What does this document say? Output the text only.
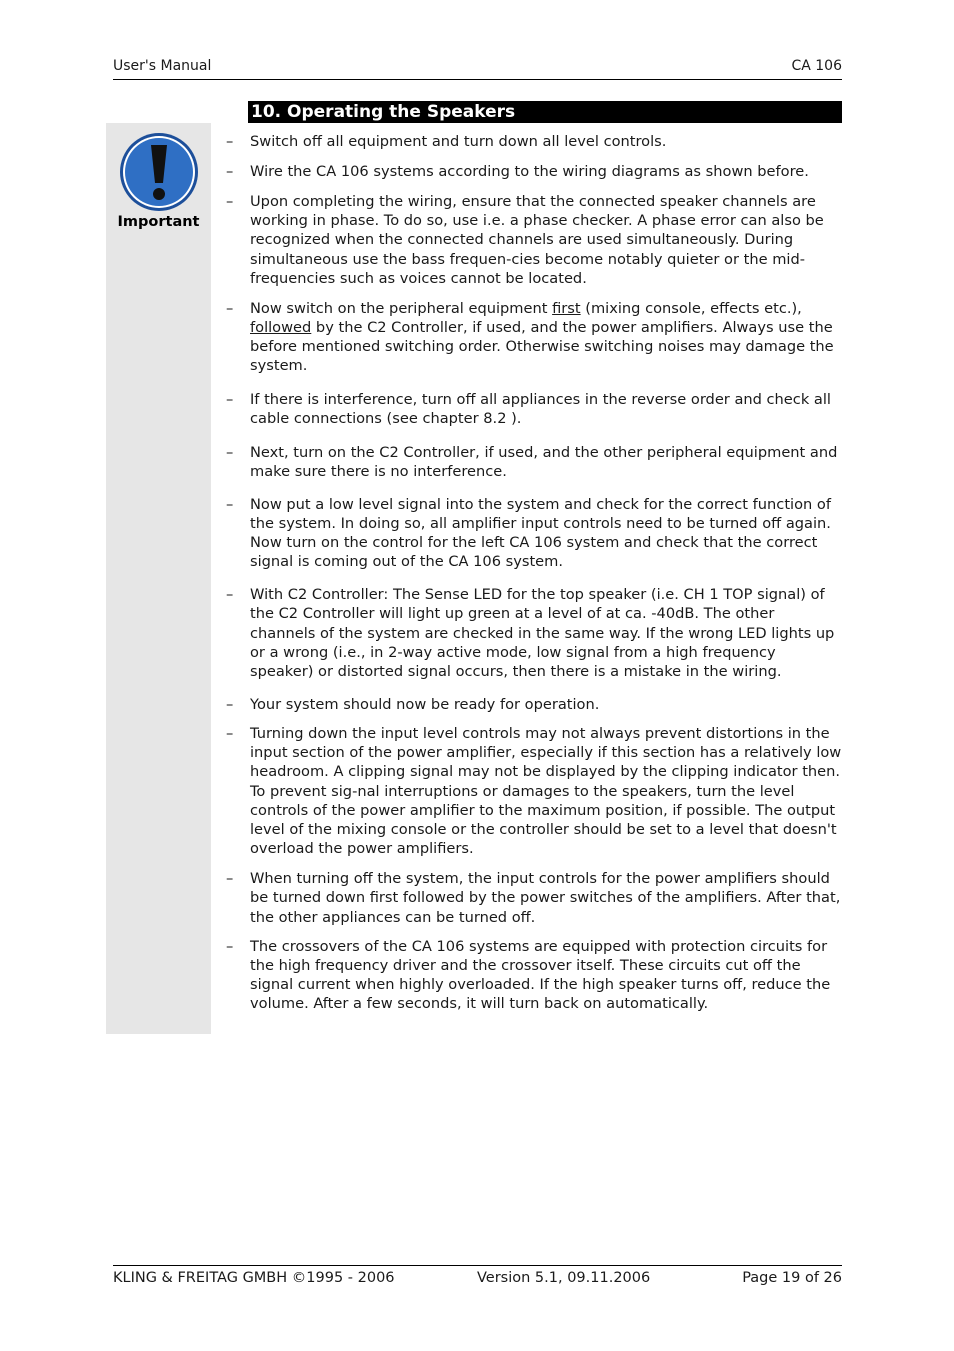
User's Manual	CA 106
10. Operating the Speakers
Important
– Switch off all equipment and turn down all level controls.
– Wire the CA 106 systems according to the wiring diagrams as shown before.
– Upon completing the wiring, ensure that the connected speaker channels are working in phase. To do so, use i.e. a phase checker. A phase error can also be recognized when the connected channels are used simultaneously. During simultaneous use the bass frequen-cies become notably quieter or the mid-frequencies such as voices cannot be located.
– Now switch on the peripheral equipment first (mixing console, effects etc.), followed by the C2 Controller, if used, and the power amplifiers. Always use the before mentioned switching order. Otherwise switching noises may damage the system.
– If there is interference, turn off all appliances in the reverse order and check all cable connections (see chapter 8.2 ).
– Next, turn on the C2 Controller, if used, and the other peripheral equipment and make sure there is no interference.
– Now put a low level signal into the system and check for the correct function of the system. In doing so, all amplifier input controls need to be turned off again. Now turn on the control for the left CA 106 system and check that the correct signal is coming out of the CA 106 system.
– With C2 Controller: The Sense LED for the top speaker (i.e. CH 1 TOP signal) of the C2 Controller will light up green at a level of at ca. -40dB. The other channels of the system are checked in the same way. If the wrong LED lights up or a wrong (i.e., in 2-way active mode, low signal from a high frequency speaker) or distorted signal occurs, then there is a mistake in the wiring.
– Your system should now be ready for operation.
– Turning down the input level controls may not always prevent distortions in the input section of the power amplifier, especially if this section has a relatively low headroom. A clipping signal may not be displayed by the clipping indicator then. To prevent sig-nal interruptions or damages to the speakers, turn the level controls of the power amplifier to the maximum position, if possible. The output level of the mixing console or the controller should be set to a level that doesn't overload the power amplifiers.
– When turning off the system, the input controls for the power amplifiers should be turned down first followed by the power switches of the amplifiers. After that, the other appliances can be turned off.
– The crossovers of the CA 106 systems are equipped with protection circuits for the high frequency driver and the crossover itself. These circuits cut off the signal current when highly overloaded. If the high speaker turns off, reduce the volume. After a few seconds, it will turn back on automatically.
KLING & FREITAG GMBH ©1995 - 2006	Version 5.1, 09.11.2006	Page 19 of 26
